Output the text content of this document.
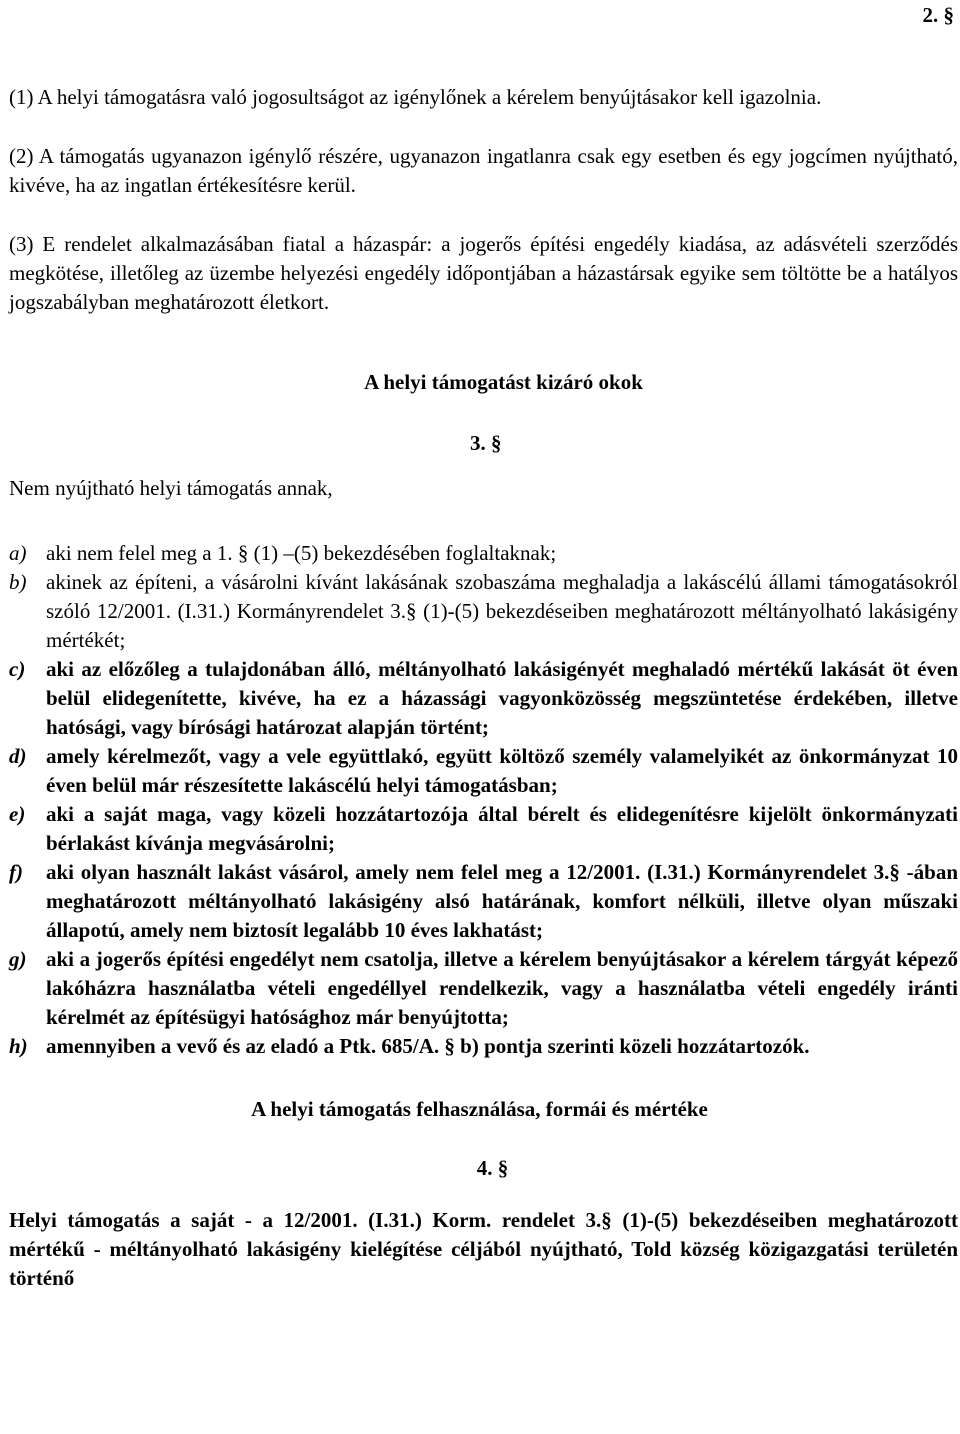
2. §

(1) A helyi támogatásra való jogosultságot az igénylőnek a kérelem benyújtásakor kell igazolnia.

(2) A támogatás ugyanazon igénylő részére, ugyanazon ingatlanra csak egy esetben és egy jogcímen nyújtható, kivéve, ha az ingatlan értékesítésre kerül.

(3) E rendelet alkalmazásában fiatal a házaspár: a jogerős építési engedély kiadása, az adásvételi szerződés megkötése, illetőleg az üzembe helyezési engedély időpontjában a házastársak egyike sem töltötte be a hatályos jogszabályban meghatározott életkort.

A helyi támogatást kizáró okok
3. §
Nem nyújtható helyi támogatás annak,
a) aki nem felel meg a 1. § (1) –(5) bekezdésében foglaltaknak;
b) akinek az építeni, a vásárolni kívánt lakásának szobaszáma meghaladja a lakáscélú állami támogatásokról szóló 12/2001. (I.31.) Kormányrendelet 3.§ (1)-(5) bekezdéseiben meghatározott méltányolható lakásigény mértékét;
c) aki az előzőleg a tulajdonában álló, méltányolható lakásigényét meghaladó mértékű lakását öt éven belül elidegenítette, kivéve, ha ez a házassági vagyonközösség megszüntetése érdekében, illetve hatósági, vagy bírósági határozat alapján történt;
d) amely kérelmezőt, vagy a vele együttlakó, együtt költöző személy valamelyikét az önkormányzat 10 éven belül már részesítette lakáscélú helyi támogatásban;
e) aki a saját maga, vagy közeli hozzátartozója által bérelt és elidegenítésre kijelölt önkormányzati bérlakást kívánja megvásárolni;
f)	aki olyan használt lakást vásárol, amely nem felel meg a 12/2001. (I.31.) Kormányrendelet 3.§ -ában meghatározott méltányolható lakásigény alsó határának, komfort nélküli, illetve olyan műszaki állapotú, amely nem biztosít legalább 10 éves lakhatást;
g) aki a jogerős építési engedélyt nem csatolja, illetve a kérelem benyújtásakor a kérelem tárgyát képező lakóházra használatba vételi engedéllyel rendelkezik, vagy a használatba vételi engedély iránti kérelmét az építésügyi hatósághoz már benyújtotta;
h) amennyiben a vevő és az eladó a Ptk. 685/A. § b) pontja szerinti közeli hozzátartozók.
A helyi támogatás felhasználása, formái és mértéke
4. §

Helyi támogatás a saját - a 12/2001. (I.31.) Korm. rendelet 3.§ (1)-(5) bekezdéseiben meghatározott mértékű - méltányolható lakásigény kielégítése céljából nyújtható, Told község közigazgatási területén történő
